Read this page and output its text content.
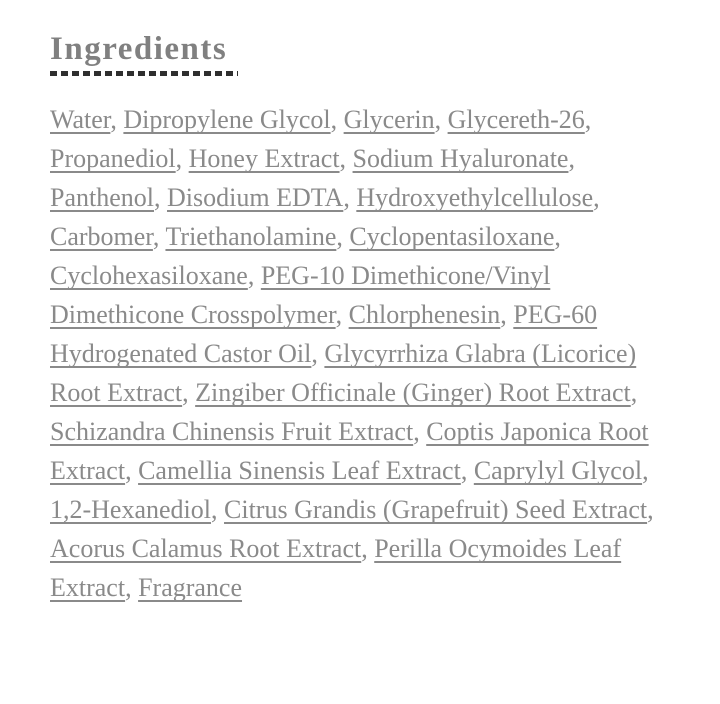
Ingredients

Water, Dipropylene Glycol, Glycerin, Glycereth-26, Propanediol, Honey Extract, Sodium Hyaluronate, Panthenol, Disodium EDTA, Hydroxyethylcellulose, Carbomer, Triethanolamine, Cyclopentasiloxane, Cyclohexasiloxane, PEG-10 Dimethicone/Vinyl Dimethicone Crosspolymer, Chlorphenesin, PEG-60 Hydrogenated Castor Oil, Glycyrrhiza Glabra (Licorice) Root Extract, Zingiber Officinale (Ginger) Root Extract, Schizandra Chinensis Fruit Extract, Coptis Japonica Root Extract, Camellia Sinensis Leaf Extract, Caprylyl Glycol, 1,2-Hexanediol, Citrus Grandis (Grapefruit) Seed Extract, Acorus Calamus Root Extract, Perilla Ocymoides Leaf Extract, Fragrance
